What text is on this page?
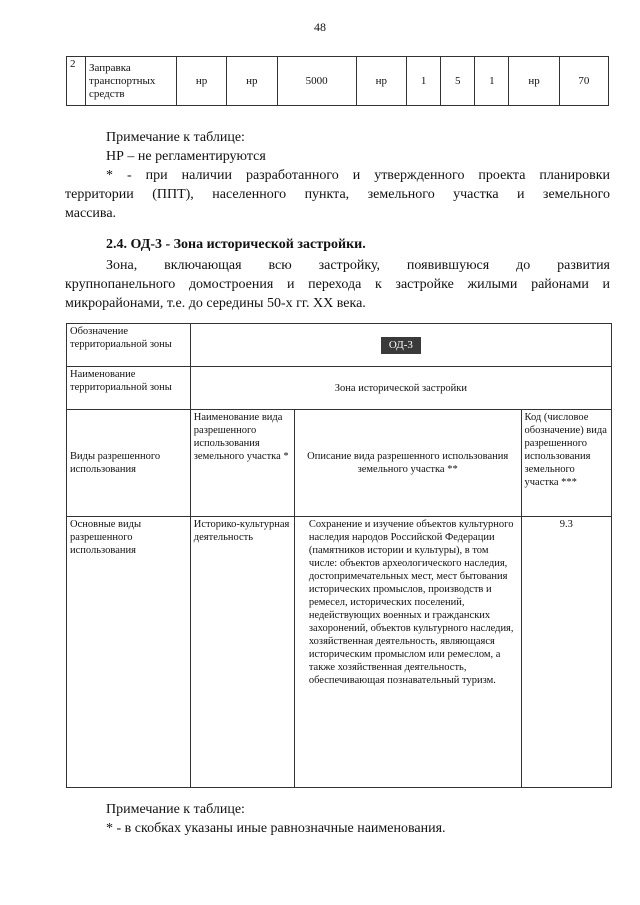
48
2	Заправка транспортных средств	нр	нр	5000	нр	1	5	1	нр	70
Примечание к таблице:
НР – не регламентируются
* - при наличии разработанного и утвержденного проекта планировки
территории (ППТ), населенного пункта, земельного участка и земельного
массива.
2.4. ОД-3 - Зона исторической застройки.
Зона, включающая всю застройку, появившуюся до развития
крупнопанельного домостроения и перехода к застройке жилыми районами и
микрорайонами, т.е. до середины 50-х гг. XX века.
Обозначение территориальной зоны	ОД-3		
Наименование территориальной зоны	Зона исторической застройки		
Виды разрешенного использования	Наименование вида разрешенного использования земельного участка *	Описание вида разрешенного использования земельного участка **	Код (числовое обозначение) вида разрешенного использования земельного участка ***
Основные виды разрешенного использования	Историко-культурная деятельность	Сохранение и изучение объектов культурного наследия народов Российской Федерации (памятников истории и культуры), в том числе: объектов археологического наследия, достопримечательных мест, мест бытования исторических промыслов, производств и ремесел, исторических поселений, недействующих военных и гражданских захоронений, объектов культурного наследия, хозяйственная деятельность, являющаяся историческим промыслом или ремеслом, а также хозяйственная деятельность, обеспечивающая познавательный туризм.	9.3
Примечание к таблице:
* - в скобках указаны иные равнозначные наименования.
